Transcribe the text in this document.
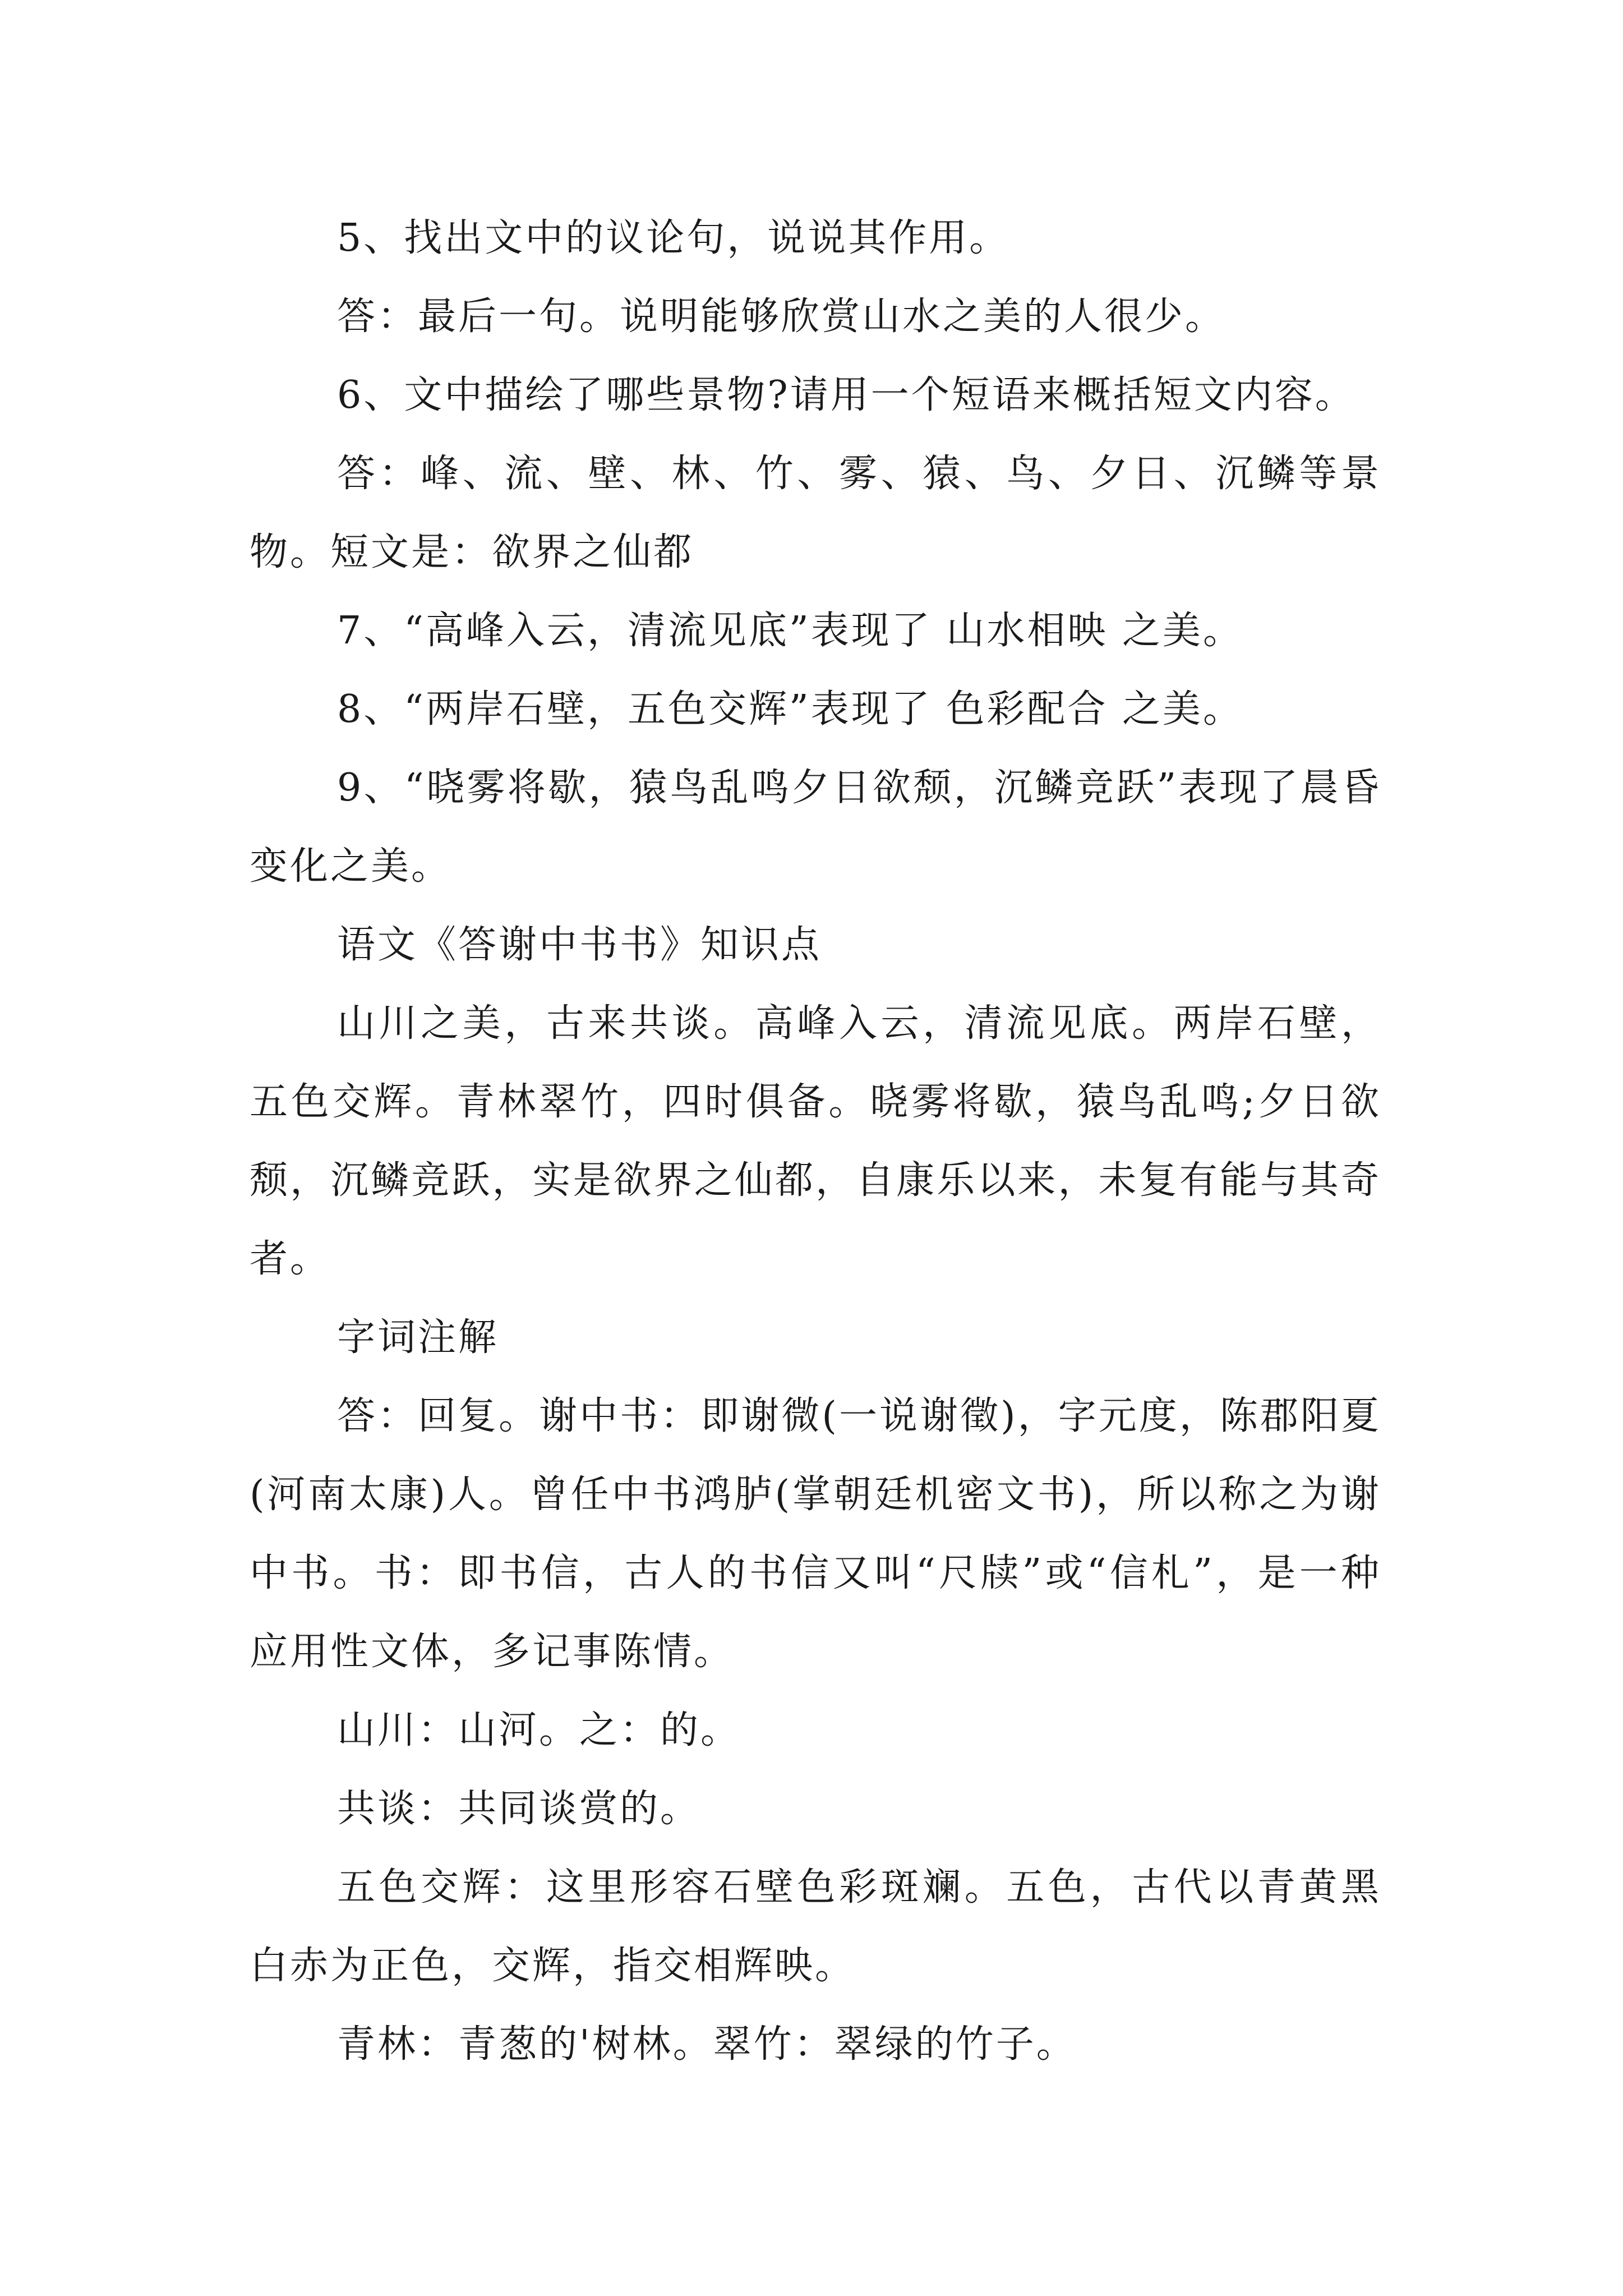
5、找出文中的议论句，说说其作用。

答：最后一句。说明能够欣赏山水之美的人很少。

6、文中描绘了哪些景物?请用一个短语来概括短文内容。

答：峰、流、壁、林、竹、雾、猿、鸟、夕日、沉鳞等景物。短文是：欲界之仙都

7、“高峰入云，清流见底”表现了 山水相映 之美。

8、“两岸石壁，五色交辉”表现了 色彩配合 之美。

9、“晓雾将歇，猿鸟乱鸣夕日欲颓，沉鳞竞跃”表现了晨昏变化之美。

语文《答谢中书书》知识点

山川之美，古来共谈。高峰入云，清流见底。两岸石壁，五色交辉。青林翠竹，四时俱备。晓雾将歇，猿鸟乱鸣;夕日欲颓，沉鳞竞跃，实是欲界之仙都，自康乐以来，未复有能与其奇者。

字词注解

答：回复。谢中书：即谢微(一说谢徵)，字元度，陈郡阳夏(河南太康)人。曾任中书鸿胪(掌朝廷机密文书)，所以称之为谢中书。书：即书信，古人的书信又叫“尺牍”或“信札”，是一种应用性文体，多记事陈情。

山川：山河。之：的。

共谈：共同谈赏的。

五色交辉：这里形容石壁色彩斑斓。五色，古代以青黄黑白赤为正色，交辉，指交相辉映。

青林：青葱的'树林。翠竹：翠绿的竹子。
